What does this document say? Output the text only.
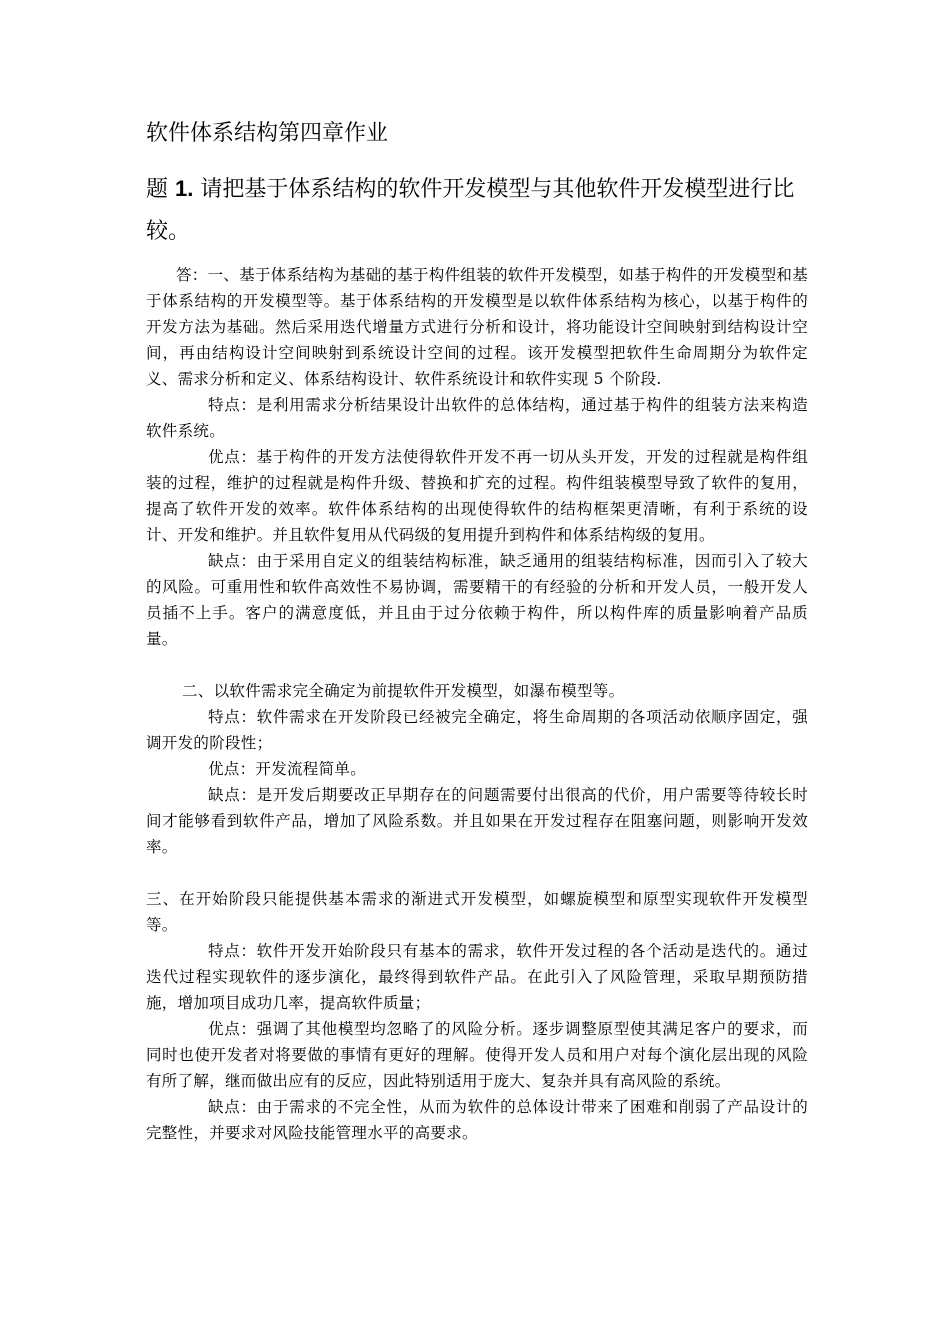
软件体系结构第四章作业
题 1. 请把基于体系结构的软件开发模型与其他软件开发模型进行比较。

答：一、基于体系结构为基础的基于构件组装的软件开发模型，如基于构件的开发模型和基于体系结构的开发模型等。基于体系结构的开发模型是以软件体系结构为核心，以基于构件的开发方法为基础。然后采用迭代增量方式进行分析和设计，将功能设计空间映射到结构设计空间，再由结构设计空间映射到系统设计空间的过程。该开发模型把软件生命周期分为软件定义、需求分析和定义、体系结构设计、软件系统设计和软件实现 5 个阶段.

特点：是利用需求分析结果设计出软件的总体结构，通过基于构件的组装方法来构造软件系统。

优点：基于构件的开发方法使得软件开发不再一切从头开发，开发的过程就是构件组装的过程，维护的过程就是构件升级、替换和扩充的过程。构件组装模型导致了软件的复用，提高了软件开发的效率。软件体系结构的出现使得软件的结构框架更清晰，有利于系统的设计、开发和维护。并且软件复用从代码级的复用提升到构件和体系结构级的复用。

缺点：由于采用自定义的组装结构标准，缺乏通用的组装结构标准，因而引入了较大的风险。可重用性和软件高效性不易协调，需要精干的有经验的分析和开发人员，一般开发人员插不上手。客户的满意度低，并且由于过分依赖于构件，所以构件库的质量影响着产品质量。

二、以软件需求完全确定为前提软件开发模型，如瀑布模型等。

特点：软件需求在开发阶段已经被完全确定，将生命周期的各项活动依顺序固定，强调开发的阶段性；

优点：开发流程简单。

缺点：是开发后期要改正早期存在的问题需要付出很高的代价，用户需要等待较长时间才能够看到软件产品，增加了风险系数。并且如果在开发过程存在阻塞问题，则影响开发效率。

三、在开始阶段只能提供基本需求的渐进式开发模型，如螺旋模型和原型实现软件开发模型等。

特点：软件开发开始阶段只有基本的需求，软件开发过程的各个活动是迭代的。通过迭代过程实现软件的逐步演化，最终得到软件产品。在此引入了风险管理，采取早期预防措施，增加项目成功几率，提高软件质量；

优点：强调了其他模型均忽略了的风险分析。逐步调整原型使其满足客户的要求，而同时也使开发者对将要做的事情有更好的理解。使得开发人员和用户对每个演化层出现的风险有所了解，继而做出应有的反应，因此特别适用于庞大、复杂并具有高风险的系统。

缺点：由于需求的不完全性，从而为软件的总体设计带来了困难和削弱了产品设计的完整性，并要求对风险技能管理水平的高要求。
